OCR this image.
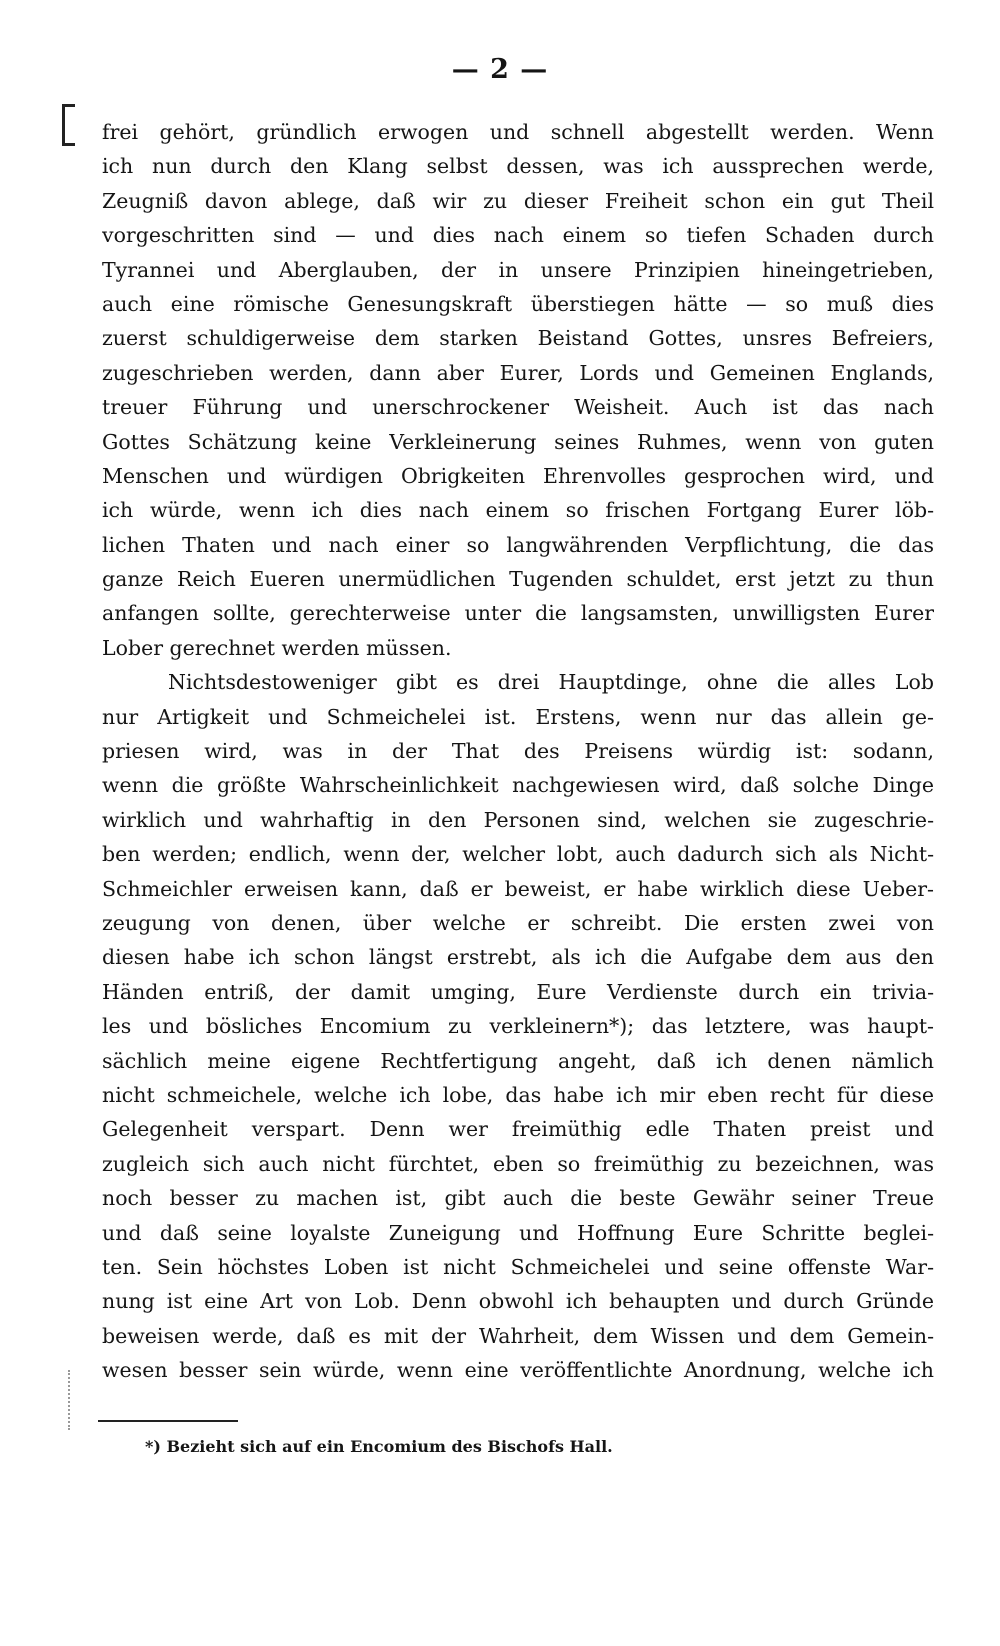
— 2 —
frei gehört, gründlich erwogen und schnell abgestellt werden. Wenn
ich nun durch den Klang selbst dessen, was ich aussprechen werde,
Zeugniß davon ablege, daß wir zu dieser Freiheit schon ein gut Theil
vorgeschritten sind — und dies nach einem so tiefen Schaden durch
Tyrannei und Aberglauben, der in unsere Prinzipien hineingetrieben,
auch eine römische Genesungskraft überstiegen hätte — so muß dies
zuerst schuldigerweise dem starken Beistand Gottes, unsres Befreiers,
zugeschrieben werden, dann aber Eurer, Lords und Gemeinen Englands,
treuer Führung und unerschrockener Weisheit. Auch ist das nach
Gottes Schätzung keine Verkleinerung seines Ruhmes, wenn von guten
Menschen und würdigen Obrigkeiten Ehrenvolles gesprochen wird, und
ich würde, wenn ich dies nach einem so frischen Fortgang Eurer löb-
lichen Thaten und nach einer so langwährenden Verpflichtung, die das
ganze Reich Eueren unermüdlichen Tugenden schuldet, erst jetzt zu thun
anfangen sollte, gerechterweise unter die langsamsten, unwilligsten Eurer
Lober gerechnet werden müssen.
Nichtsdestoweniger gibt es drei Hauptdinge, ohne die alles Lob
nur Artigkeit und Schmeichelei ist. Erstens, wenn nur das allein ge-
priesen wird, was in der That des Preisens würdig ist: sodann,
wenn die größte Wahrscheinlichkeit nachgewiesen wird, daß solche Dinge
wirklich und wahrhaftig in den Personen sind, welchen sie zugeschrie-
ben werden; endlich, wenn der, welcher lobt, auch dadurch sich als Nicht-
Schmeichler erweisen kann, daß er beweist, er habe wirklich diese Ueber-
zeugung von denen, über welche er schreibt. Die ersten zwei von
diesen habe ich schon längst erstrebt, als ich die Aufgabe dem aus den
Händen entriß, der damit umging, Eure Verdienste durch ein trivia-
les und bösliches Encomium zu verkleinern*); das letztere, was haupt-
sächlich meine eigene Rechtfertigung angeht, daß ich denen nämlich
nicht schmeichele, welche ich lobe, das habe ich mir eben recht für diese
Gelegenheit verspart. Denn wer freimüthig edle Thaten preist und
zugleich sich auch nicht fürchtet, eben so freimüthig zu bezeichnen, was
noch besser zu machen ist, gibt auch die beste Gewähr seiner Treue
und daß seine loyalste Zuneigung und Hoffnung Eure Schritte beglei-
ten. Sein höchstes Loben ist nicht Schmeichelei und seine offenste War-
nung ist eine Art von Lob. Denn obwohl ich behaupten und durch Gründe
beweisen werde, daß es mit der Wahrheit, dem Wissen und dem Gemein-
wesen besser sein würde, wenn eine veröffentlichte Anordnung, welche ich
*) Bezieht sich auf ein Encomium des Bischofs Hall.
